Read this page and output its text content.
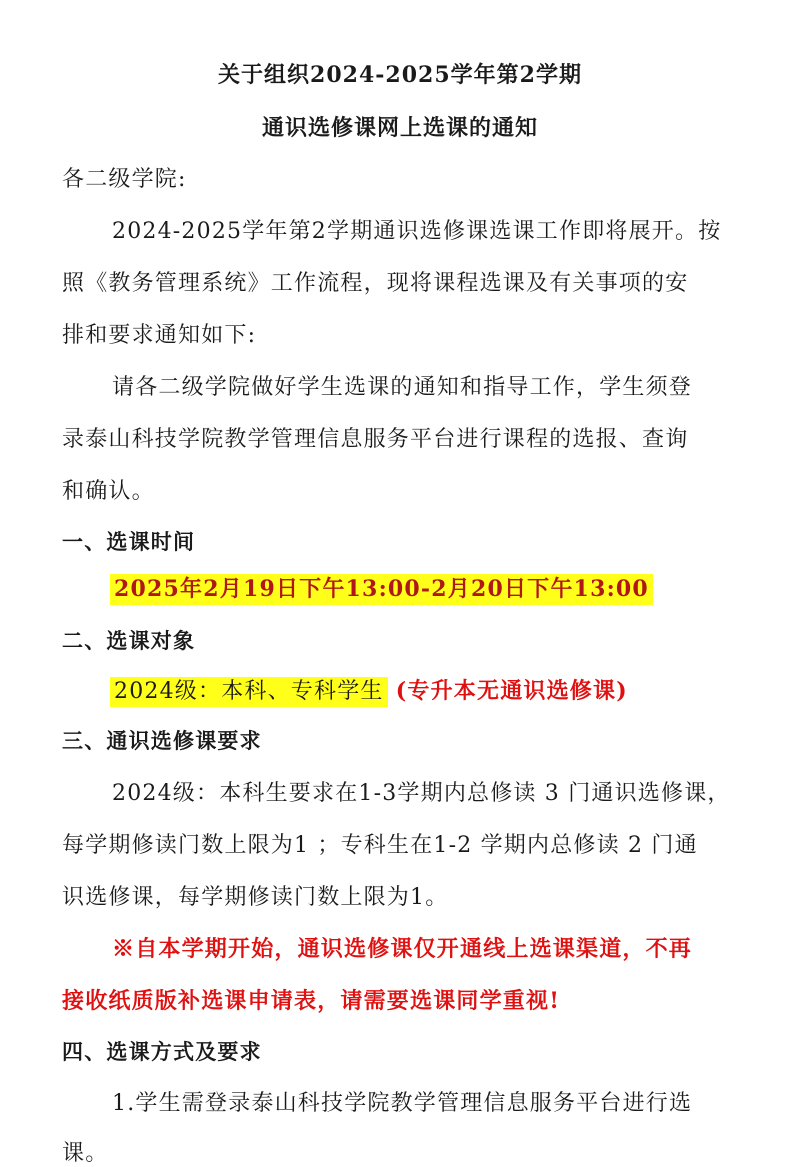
关于组织2024-2025学年第2学期
通识选修课网上选课的通知
各二级学院:
2024-2025学年第2学期通识选修课选课工作即将展开。按
照《教务管理系统》工作流程，现将课程选课及有关事项的安
排和要求通知如下:
请各二级学院做好学生选课的通知和指导工作，学生须登
录泰山科技学院教学管理信息服务平台进行课程的选报、查询
和确认。
一、选课时间
2025年2月19日下午13:00-2月20日下午13:00
二、选课对象
2024级：本科、专科学生 (专升本无通识选修课)
三、通识选修课要求
2024级：本科生要求在1-3学期内总修读 3 门通识选修课，
每学期修读门数上限为1 ；专科生在1-2 学期内总修读 2 门通
识选修课，每学期修读门数上限为1。
※自本学期开始，通识选修课仅开通线上选课渠道，不再
接收纸质版补选课申请表，请需要选课同学重视!
四、选课方式及要求
1.学生需登录泰山科技学院教学管理信息服务平台进行选
课。
